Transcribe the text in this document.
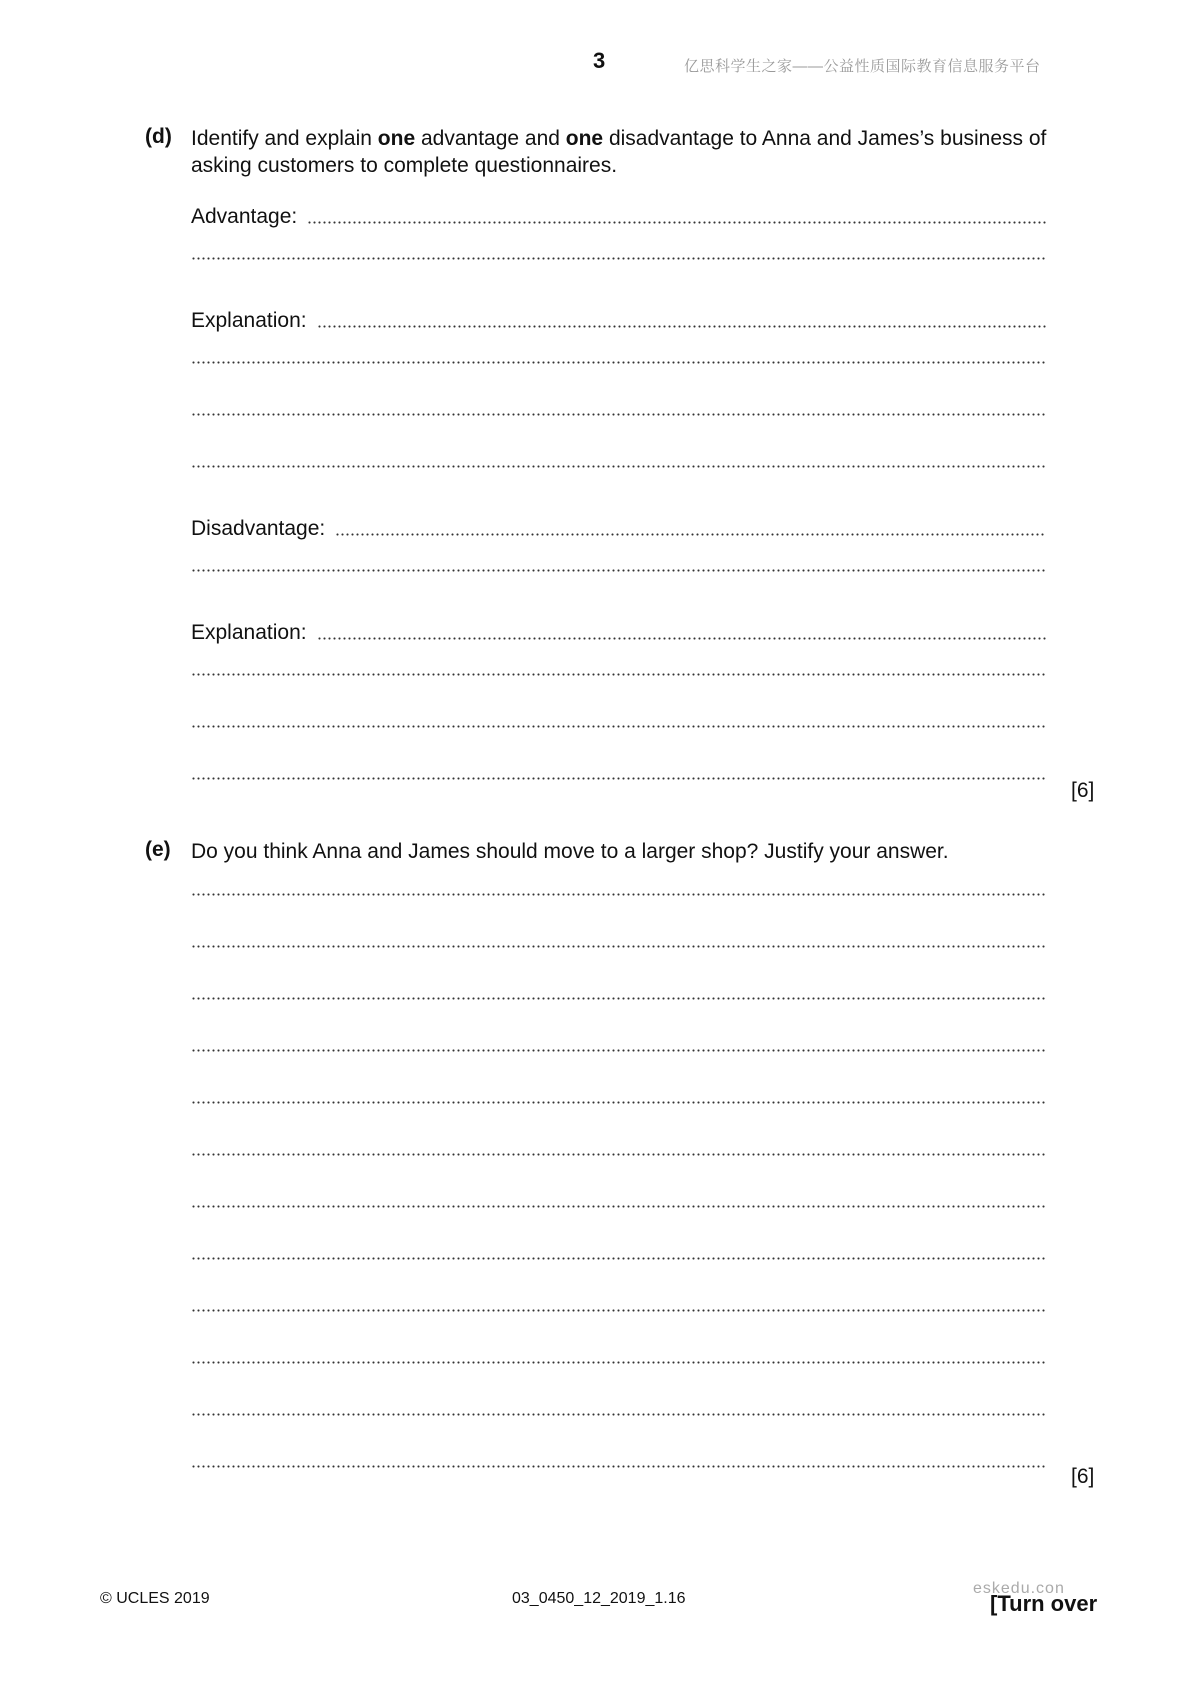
3	亿思科学生之家——公益性质国际教育信息服务平台
(d) Identify and explain one advantage and one disadvantage to Anna and James’s business of asking customers to complete questionnaires.
Advantage:
Explanation:
Disadvantage:
Explanation:
[6]
(e) Do you think Anna and James should move to a larger shop? Justify your answer.
[6]
© UCLES 2019	03_0450_12_2019_1.16
eskedu.con
[Turn over
